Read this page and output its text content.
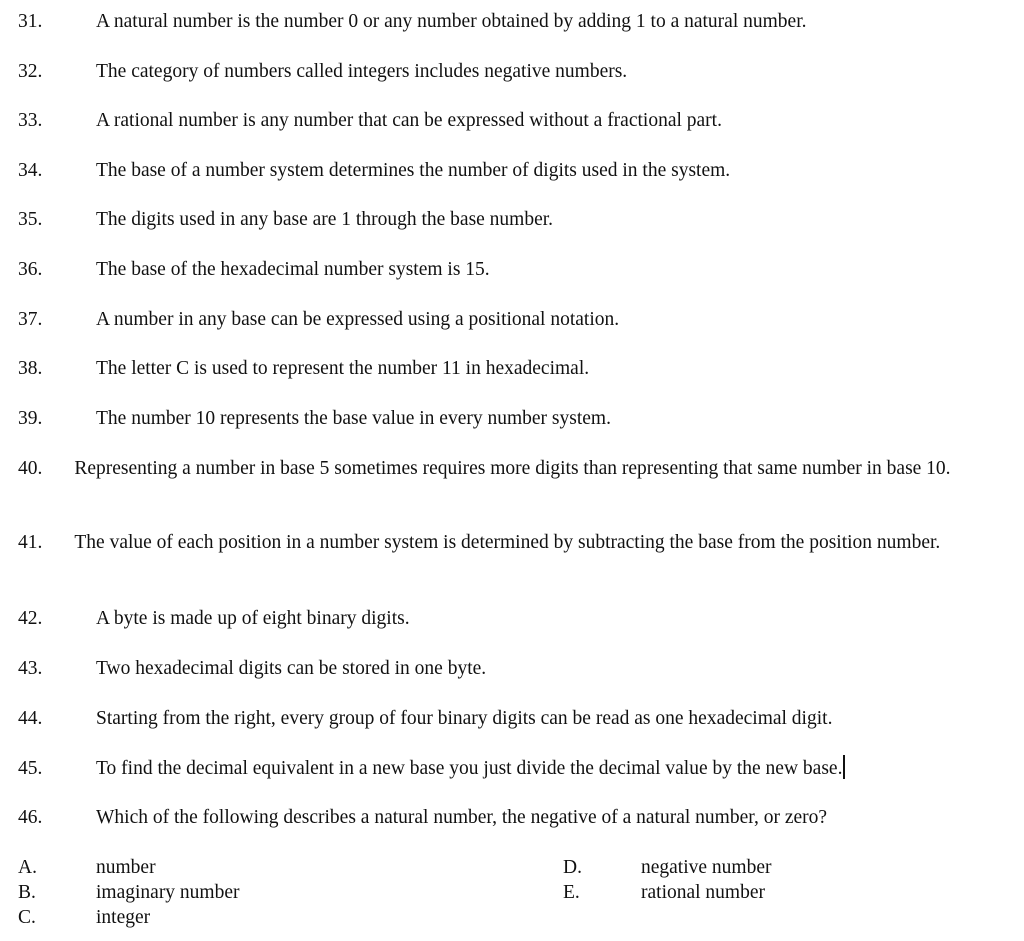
31.	A natural number is the number 0 or any number obtained by adding 1 to a natural number.
32.	The category of numbers called integers includes negative numbers.
33.	A rational number is any number that can be expressed without a fractional part.
34.	The base of a number system determines the number of digits used in the system.
35.	The digits used in any base are 1 through the base number.
36.	The base of the hexadecimal number system is 15.
37.	A number in any base can be expressed using a positional notation.
38.	The letter C is used to represent the number 11 in hexadecimal.
39.	The number 10 represents the base value in every number system.
40. Representing a number in base 5 sometimes requires more digits than representing that same number in base 10.
41. The value of each position in a number system is determined by subtracting the base from the position number.
42.	A byte is made up of eight binary digits.
43.	Two hexadecimal digits can be stored in one byte.
44.	Starting from the right, every group of four binary digits can be read as one hexadecimal digit.
45.	To find the decimal equivalent in a new base you just divide the decimal value by the new base.
46.	Which of the following describes a natural number, the negative of a natural number, or zero?
A.	number
B.	imaginary number
C.	integer
D.	negative number
E.	rational number
